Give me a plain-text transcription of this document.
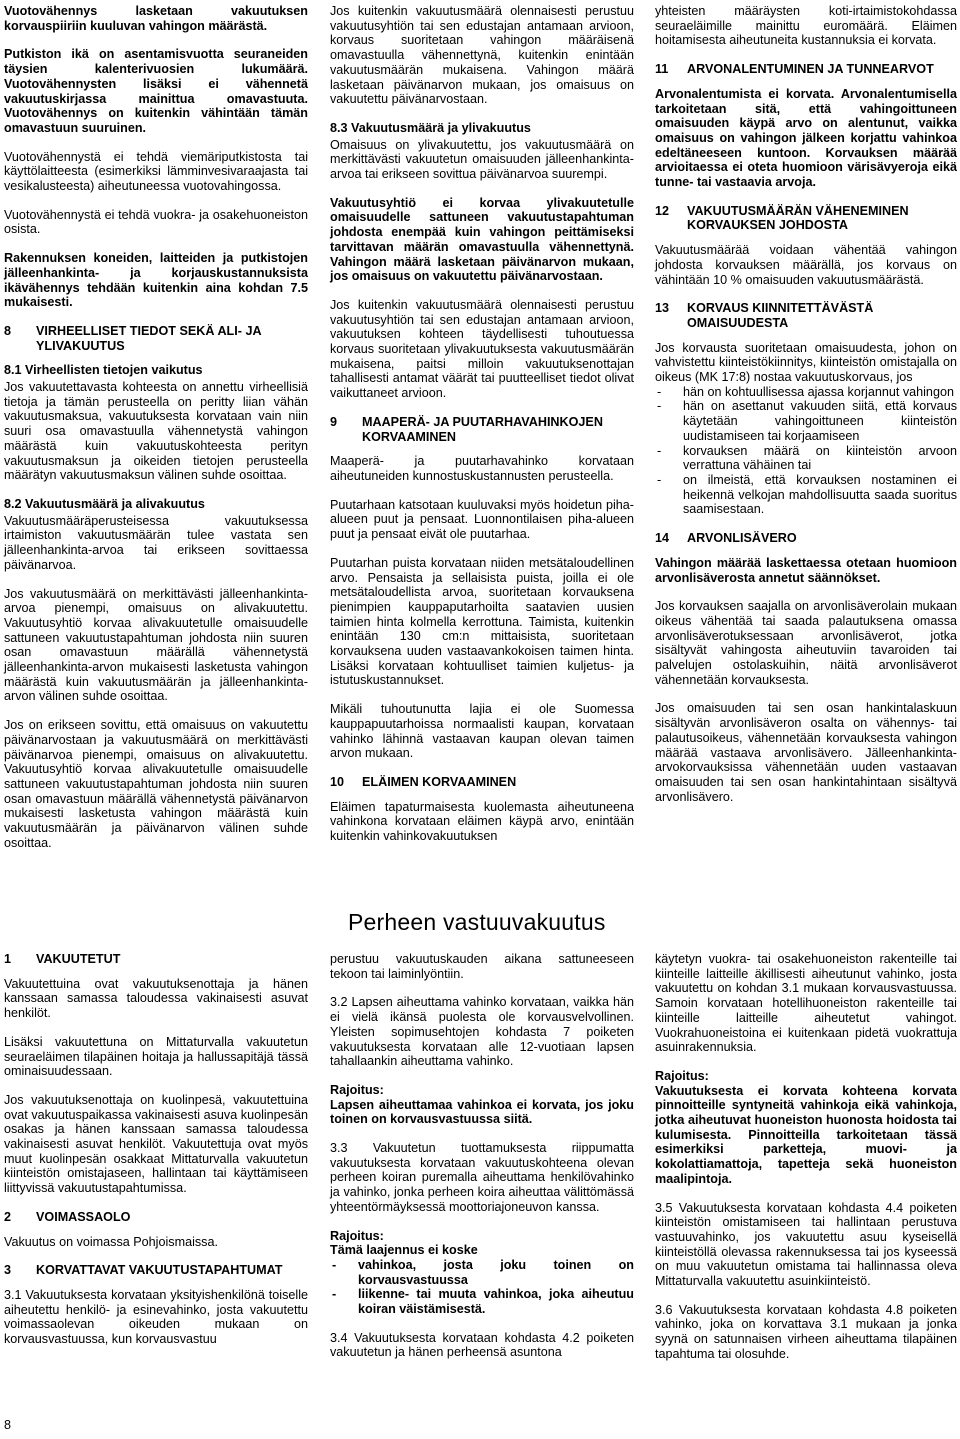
Vuotovähennys lasketaan vakuutuksen korvauspiiriin kuuluvan vahingon määrästä.

Putkiston ikä on asentamisvuotta seuraneiden täysien kalenterivuosien lukumäärä. Vuotovähennysten lisäksi ei vähennetä vakuutuskirjassa mainittua omavastuuta. Vuotovähennys on kuitenkin vähintään tämän omavastuun suuruinen.

Vuotovähennystä ei tehdä viemäriputkistosta tai käyttölaitteesta (esimerkiksi lämminvesivaraajasta tai vesikalusteesta) aiheutuneessa vuotovahingossa.

Vuotovähennystä ei tehdä vuokra- ja osakehuoneiston osista.

Rakennuksen koneiden, laitteiden ja putkistojen jälleenhankinta- ja korjauskustannuksista ikävähennys tehdään kuitenkin aina kohdan 7.5 mukaisesti.

8	VIRHEELLISET TIEDOT SEKÄ ALI- JA YLIVAKUUTUS
8.1 Virheellisten tietojen vaikutus

Jos vakuutettavasta kohteesta on annettu virheellisiä tietoja ja tämän perusteella on peritty liian vähän vakuutusmaksua, vakuutuksesta korvataan vain niin suuri osa omavastuulla vähennetystä vahingon määrästä kuin vakuutuskohteesta perityn vakuutusmaksun ja oikeiden tietojen perusteella määrätyn vakuutusmaksun välinen suhde osoittaa.

8.2 Vakuutusmäärä ja alivakuutus

Vakuutusmääräperusteisessa vakuutuksessa irtaimiston vakuutusmäärän tulee vastata sen jälleenhankinta-arvoa tai erikseen sovittaessa päivänarvoa.

Jos vakuutusmäärä on merkittävästi jälleenhankinta-arvoa pienempi, omaisuus on alivakuutettu. Vakuutusyhtiö korvaa alivakuutetulle omaisuudelle sattuneen vakuutustapahtuman johdosta niin suuren osan omavastuun määrällä vähennetystä jälleenhankinta-arvon mukaisesti lasketusta vahingon määrästä kuin vakuutusmäärän ja jälleenhankinta-arvon välinen suhde osoittaa.

Jos on erikseen sovittu, että omaisuus on vakuutettu päivänarvostaan ja vakuutusmäärä on merkittävästi päivänarvoa pienempi, omaisuus on alivakuutettu. Vakuutusyhtiö korvaa alivakuutetulle omaisuudelle sattuneen vakuutustapahtuman johdosta niin suuren osan omavastuun määrällä vähennetystä päivänarvon mukaisesti lasketusta vahingon määrästä kuin vakuutusmäärän ja päivänarvon välinen suhde osoittaa.

Jos kuitenkin vakuutusmäärä olennaisesti perustuu vakuutusyhtiön tai sen edustajan antamaan arvioon, korvaus suoritetaan vahingon määräisenä omavastuulla vähennettynä, kuitenkin enintään vakuutusmäärän mukaisena. Vahingon määrä lasketaan päivänarvon mukaan, jos omaisuus on vakuutettu päivänarvostaan.

8.3 Vakuutusmäärä ja ylivakuutus

Omaisuus on ylivakuutettu, jos vakuutusmäärä on merkittävästi vakuutetun omaisuuden jälleenhankinta-arvoa tai erikseen sovittua päivänarvoa suurempi.

Vakuutusyhtiö ei korvaa ylivakuutetulle omaisuudelle sattuneen vakuutustapahtuman johdosta enempää kuin vahingon peittämiseksi tarvittavan määrän omavastuulla vähennettynä. Vahingon määrä lasketaan päivänarvon mukaan, jos omaisuus on vakuutettu päivänarvostaan.

Jos kuitenkin vakuutusmäärä olennaisesti perustuu vakuutusyhtiön tai sen edustajan antamaan arvioon, vakuutuksen kohteen täydellisesti tuhoutuessa korvaus suoritetaan ylivakuutuksesta vakuutusmäärän mukaisena, paitsi milloin vakuutuksenottajan tahallisesti antamat väärät tai puutteelliset tiedot olivat vaikuttaneet arvioon.

9	MAAPERÄ- JA PUUTARHAVAHINKOJEN KORVAAMINEN

Maaperä- ja puutarhavahinko korvataan aiheutuneiden kunnostuskustannusten perusteella.

Puutarhaan katsotaan kuuluvaksi myös hoidetun piha-alueen puut ja pensaat. Luonnontilaisen piha-alueen puut ja pensaat eivät ole puutarhaa.

Puutarhan puista korvataan niiden metsätaloudellinen arvo. Pensaista ja sellaisista puista, joilla ei ole metsätaloudellista arvoa, suoritetaan korvauksena pienimpien kauppaputarhoilta saatavien uusien taimien hinta kolmella kerrottuna. Taimista, kuitenkin enintään 130 cm:n mittaisista, suoritetaan korvauksena uuden vastaavankokoisen taimen hinta. Lisäksi korvataan kohtuulliset taimien kuljetus- ja istutuskustannukset.

Mikäli tuhoutunutta lajia ei ole Suomessa kauppapuutarhoissa normaalisti kaupan, korvataan vahinko lähinnä vastaavan kaupan olevan taimen arvon mukaan.

10	ELÄIMEN KORVAAMINEN

Eläimen tapaturmaisesta kuolemasta aiheutuneena vahinkona korvataan eläimen käypä arvo, enintään kuitenkin vahinkovakuutuksen

yhteisten määräysten koti-irtaimistokohdassa seuraeläimille mainittu euromäärä. Eläimen hoitamisesta aiheutuneita kustannuksia ei korvata.

11	ARVONALENTUMINEN JA TUNNEARVOT

Arvonalentumista ei korvata. Arvonalentumisella tarkoitetaan sitä, että vahingoittuneen omaisuuden käypä arvo on alentunut, vaikka omaisuus on vahingon jälkeen korjattu vahinkoa edeltäneeseen kuntoon. Korvauksen määrää arvioitaessa ei oteta huomioon värisävyeroja eikä tunne- tai vastaavia arvoja.

12	VAKUUTUSMÄÄRÄN VÄHENEMINEN KORVAUKSEN JOHDOSTA

Vakuutusmäärää voidaan vähentää vahingon johdosta korvauksen määrällä, jos korvaus on vähintään 10 % omaisuuden vakuutusmäärästä.

13	KORVAUS KIINNITETTÄVÄSTÄ OMAISUUDESTA

Jos korvausta suoritetaan omaisuudesta, johon on vahvistettu kiinteistökiinnitys, kiinteistön omistajalla on oikeus (MK 17:8) nostaa vakuutuskorvaus, jos

- hän on kohtuullisessa ajassa korjannut vahingon
- hän on asettanut vakuuden siitä, että korvaus käytetään vahingoittuneen kiinteistön uudistamiseen tai korjaamiseen
- korvauksen määrä on kiinteistön arvoon verrattuna vähäinen tai
- on ilmeistä, että korvauksen nostaminen ei heikennä velkojan mahdollisuutta saada suoritus saamisestaan.
14	ARVONLISÄVERO

Vahingon määrää laskettaessa otetaan huomioon arvonlisäverosta annetut säännökset.

Jos korvauksen saajalla on arvonlisäverolain mukaan oikeus vähentää tai saada palautuksena omassa arvonlisäverotuksessaan arvonlisäverot, jotka sisältyvät vahingosta aiheutuviin tavaroiden tai palvelujen ostolaskuihin, näitä arvonlisäverot vähennetään korvauksesta.

Jos omaisuuden tai sen osan hankintalaskuun sisältyvän arvonlisäveron osalta on vähennys- tai palautusoikeus, vähennetään korvauksesta vahingon määrää vastaava arvonlisävero. Jälleenhankinta-arvokorvauksissa vähennetään uuden vastaavan omaisuuden tai sen osan hankintahintaan sisältyvä arvonlisävero.

Perheen vastuuvakuutus
1	VAKUUTETUT

Vakuutettuina ovat vakuutuksenottaja ja hänen kanssaan samassa taloudessa vakinaisesti asuvat henkilöt.

Lisäksi vakuutettuna on Mittaturvalla vakuutetun seuraeläimen tilapäinen hoitaja ja hallussapitäjä tässä ominaisuudessaan.

Jos vakuutuksenottaja on kuolinpesä, vakuutettuina ovat vakuutuspaikassa vakinaisesti asuva kuolinpesän osakas ja hänen kanssaan samassa taloudessa vakinaisesti asuvat henkilöt. Vakuutettuja ovat myös muut kuolinpesän osakkaat Mittaturvalla vakuutetun kiinteistön omistajaseen, hallintaan tai käyttämiseen liittyvissä vakuutustapahtumissa.

2	VOIMASSAOLO

Vakuutus on voimassa Pohjoismaissa.

3	KORVATTAVAT VAKUUTUSTAPAHTUMAT

3.1 Vakuutuksesta korvataan yksityishenkilönä toiselle aiheutettu henkilö- ja esinevahinko, josta vakuutettu voimassaolevan oikeuden mukaan on korvausvastuussa, kun korvausvastuu

perustuu vakuutuskauden aikana sattuneeseen tekoon tai laiminlyöntiin.

3.2 Lapsen aiheuttama vahinko korvataan, vaikka hän ei vielä ikänsä puolesta ole korvausvelvollinen. Yleisten sopimusehtojen kohdasta 7 poiketen vakuutuksesta korvataan alle 12-vuotiaan lapsen tahallaankin aiheuttama vahinko.

Rajoitus:

Lapsen aiheuttamaa vahinkoa ei korvata, jos joku toinen on korvausvastuussa siitä.

3.3 Vakuutetun tuottamuksesta riippumatta vakuutuksesta korvataan vakuutuskohteena olevan perheen koiran puremalla aiheuttama henkilövahinko ja vahinko, jonka perheen koira aiheuttaa välittömässä yhteentörmäyksessä moottoriajoneuvon kanssa.

Rajoitus:
Tämä laajennus ei koske
- vahinkoa, josta joku toinen on korvausvastuussa
- liikenne- tai muuta vahinkoa, joka aiheutuu koiran väistämisestä.

3.4 Vakuutuksesta korvataan kohdasta 4.2 poiketen vakuutetun ja hänen perheensä asuntona

käytetyn vuokra- tai osakehuoneiston rakenteille tai kiinteille laitteille äkillisesti aiheutunut vahinko, josta vakuutettu on kohdan 3.1 mukaan korvausvastuussa. Samoin korvataan hotellihuoneiston rakenteille tai kiinteille laitteille aiheutetut vahingot. Vuokrahuoneistoina ei kuitenkaan pidetä vuokrattuja asuinrakennuksia.

Rajoitus:

Vakuutuksesta ei korvata kohteena korvata pinnoitteille syntyneitä vahinkoja eikä vahinkoja, jotka aiheutuvat huoneiston huonosta hoidosta tai kulumisesta. Pinnoitteilla tarkoitetaan tässä esimerkiksi parketteja, muovi- ja kokolattiamattoja, tapetteja sekä huoneiston maalipintoja.

3.5 Vakuutuksesta korvataan kohdasta 4.4 poiketen kiinteistön omistamiseen tai hallintaan perustuva vastuuvahinko, jos vakuutettu asuu kyseisellä kiinteistöllä olevassa rakennuksessa tai jos kyseessä on muu vakuutetun omistama tai hallinnassa oleva Mittaturvalla vakuutettu asuinkiinteistö.

3.6 Vakuutuksesta korvataan kohdasta 4.8 poiketen vahinko, joka on korvattava 3.1 mukaan ja jonka syynä on satunnaisen virheen aiheuttama tilapäinen tapahtuma tai olosuhde.

8
